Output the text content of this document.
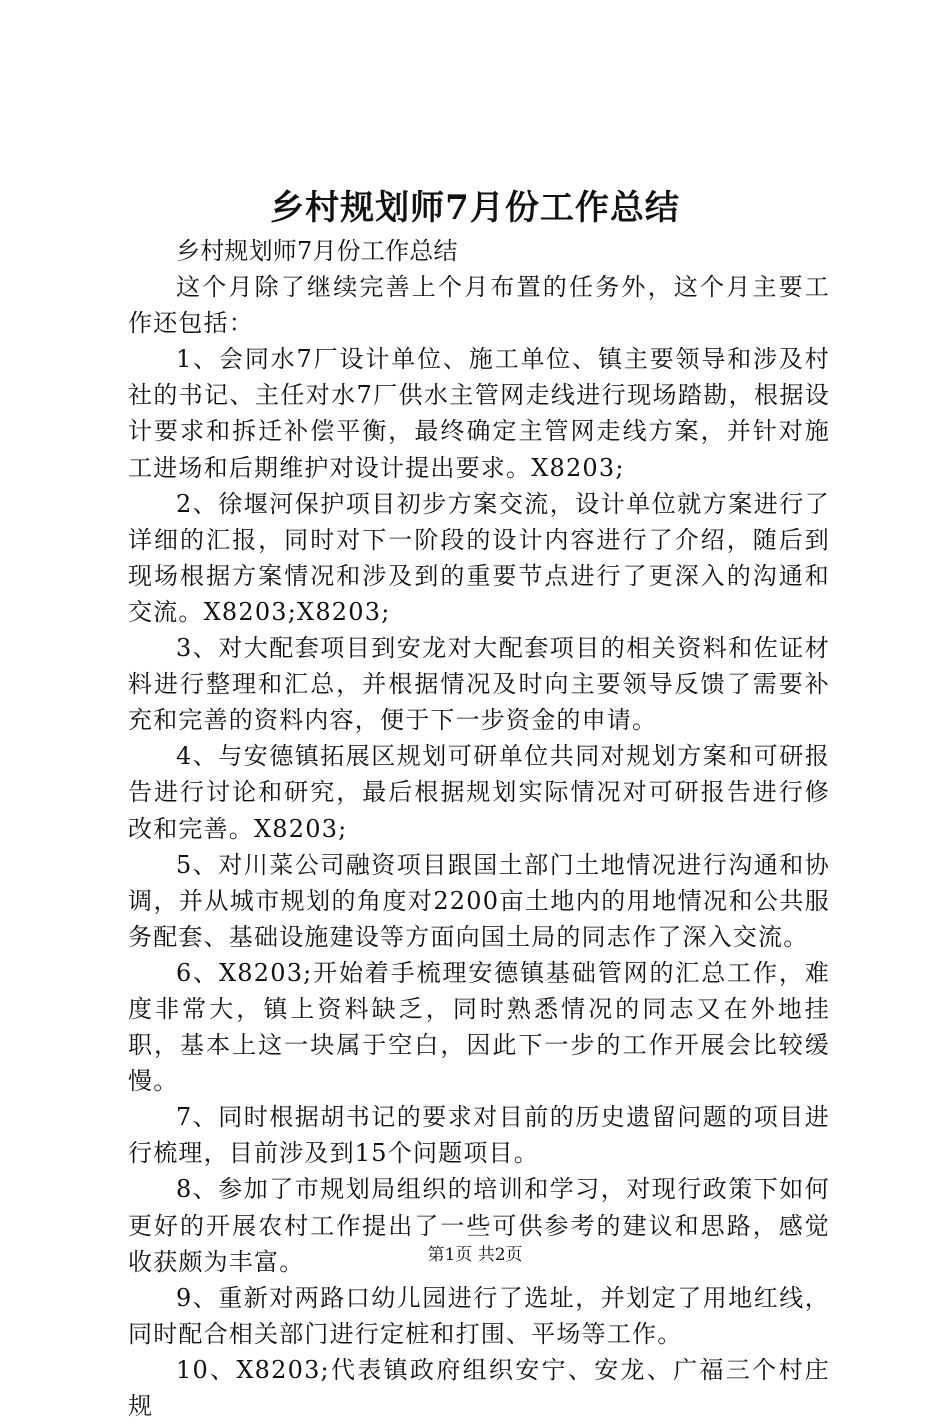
乡村规划师7月份工作总结

乡村规划师7月份工作总结

这个月除了继续完善上个月布置的任务外，这个月主要工作还包括：

1、会同水7厂设计单位、施工单位、镇主要领导和涉及村社的书记、主任对水7厂供水主管网走线进行现场踏勘，根据设计要求和拆迁补偿平衡，最终确定主管网走线方案，并针对施工进场和后期维护对设计提出要求。X8203;

2、徐堰河保护项目初步方案交流，设计单位就方案进行了详细的汇报，同时对下一阶段的设计内容进行了介绍，随后到现场根据方案情况和涉及到的重要节点进行了更深入的沟通和交流。X8203;X8203;

3、对大配套项目到安龙对大配套项目的相关资料和佐证材料进行整理和汇总，并根据情况及时向主要领导反馈了需要补充和完善的资料内容，便于下一步资金的申请。

4、与安德镇拓展区规划可研单位共同对规划方案和可研报告进行讨论和研究，最后根据规划实际情况对可研报告进行修改和完善。X8203;

5、对川菜公司融资项目跟国土部门土地情况进行沟通和协调，并从城市规划的角度对2200亩土地内的用地情况和公共服务配套、基础设施建设等方面向国土局的同志作了深入交流。

6、X8203;开始着手梳理安德镇基础管网的汇总工作，难度非常大，镇上资料缺乏，同时熟悉情况的同志又在外地挂职，基本上这一块属于空白，因此下一步的工作开展会比较缓慢。

7、同时根据胡书记的要求对目前的历史遗留问题的项目进行梳理，目前涉及到15个问题项目。

8、参加了市规划局组织的培训和学习，对现行政策下如何更好的开展农村工作提出了一些可供参考的建议和思路，感觉收获颇为丰富。

9、重新对两路口幼儿园进行了选址，并划定了用地红线，同时配合相关部门进行定桩和打围、平场等工作。

10、X8203;代表镇政府组织安宁、安龙、广福三个村庄规

第1页 共2页
